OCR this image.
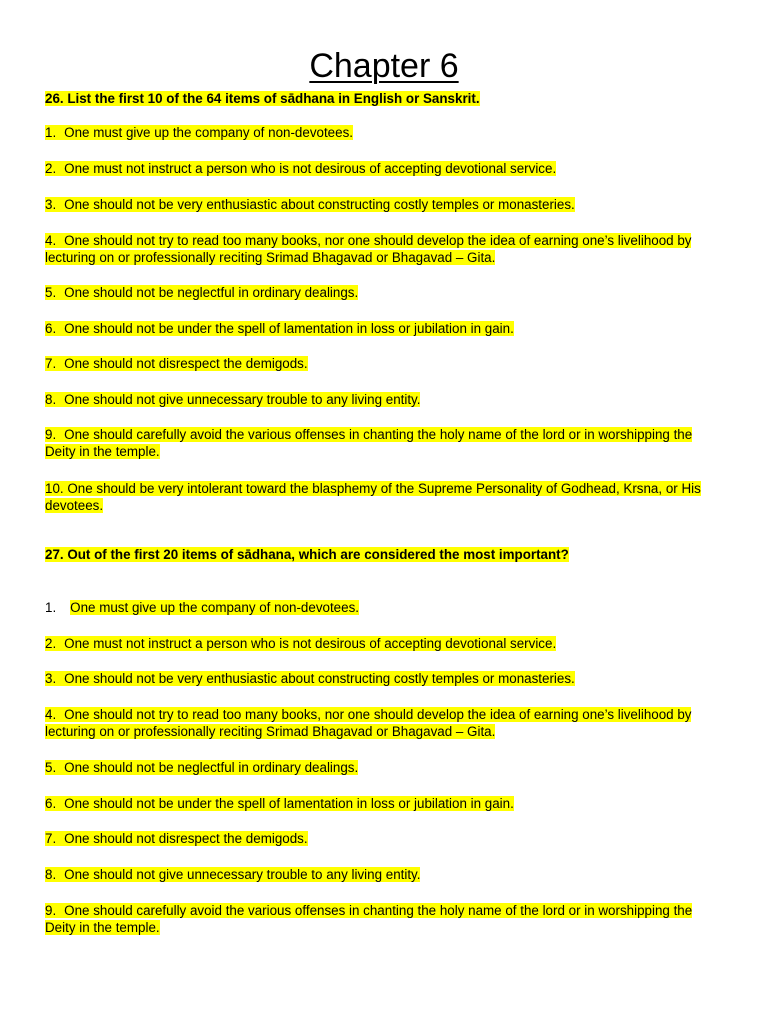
Chapter 6
26. List the first 10 of the 64 items of sādhana in English or Sanskrit.
1. One must give up the company of non-devotees.
2. One must not instruct a person who is not desirous of accepting devotional service.
3. One should not be very enthusiastic about constructing costly temples or monasteries.
4. One should not try to read too many books, nor one should develop the idea of earning one’s livelihood by lecturing on or professionally reciting Srimad Bhagavad or Bhagavad – Gita.
5. One should not be neglectful in ordinary dealings.
6. One should not be under the spell of lamentation in loss or jubilation in gain.
7. One should not disrespect the demigods.
8. One should not give unnecessary trouble to any living entity.
9. One should carefully avoid the various offenses in chanting the holy name of the lord or in worshipping the Deity in the temple.
10. One should be very intolerant toward the blasphemy of the Supreme Personality of Godhead, Krsna, or His devotees.
27. Out of the first 20 items of sādhana, which are considered the most important?
1. One must give up the company of non-devotees.
2. One must not instruct a person who is not desirous of accepting devotional service.
3. One should not be very enthusiastic about constructing costly temples or monasteries.
4. One should not try to read too many books, nor one should develop the idea of earning one’s livelihood by lecturing on or professionally reciting Srimad Bhagavad or Bhagavad – Gita.
5. One should not be neglectful in ordinary dealings.
6. One should not be under the spell of lamentation in loss or jubilation in gain.
7. One should not disrespect the demigods.
8. One should not give unnecessary trouble to any living entity.
9. One should carefully avoid the various offenses in chanting the holy name of the lord or in worshipping the Deity in the temple.
